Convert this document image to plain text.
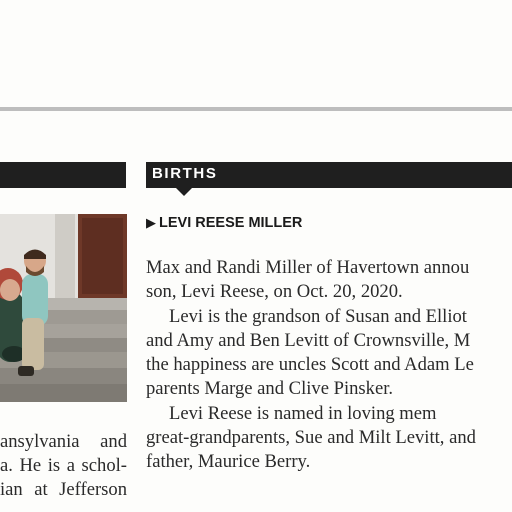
BIRTHS
▶ LEVI REESE MILLER
Max and Randi Miller of Havertown annou
son, Levi Reese, on Oct. 20, 2020.
Levi is the grandson of Susan and Elliot
and Amy and Ben Levitt of Crownsville, M
the happiness are uncles Scott and Adam Le
parents Marge and Clive Pinsker.
Levi Reese is named in loving mem
great-grandparents, Sue and Milt Levitt, and
father, Maurice Berry.
ansylvania and
a. He is a schol-
ian at Jefferson
